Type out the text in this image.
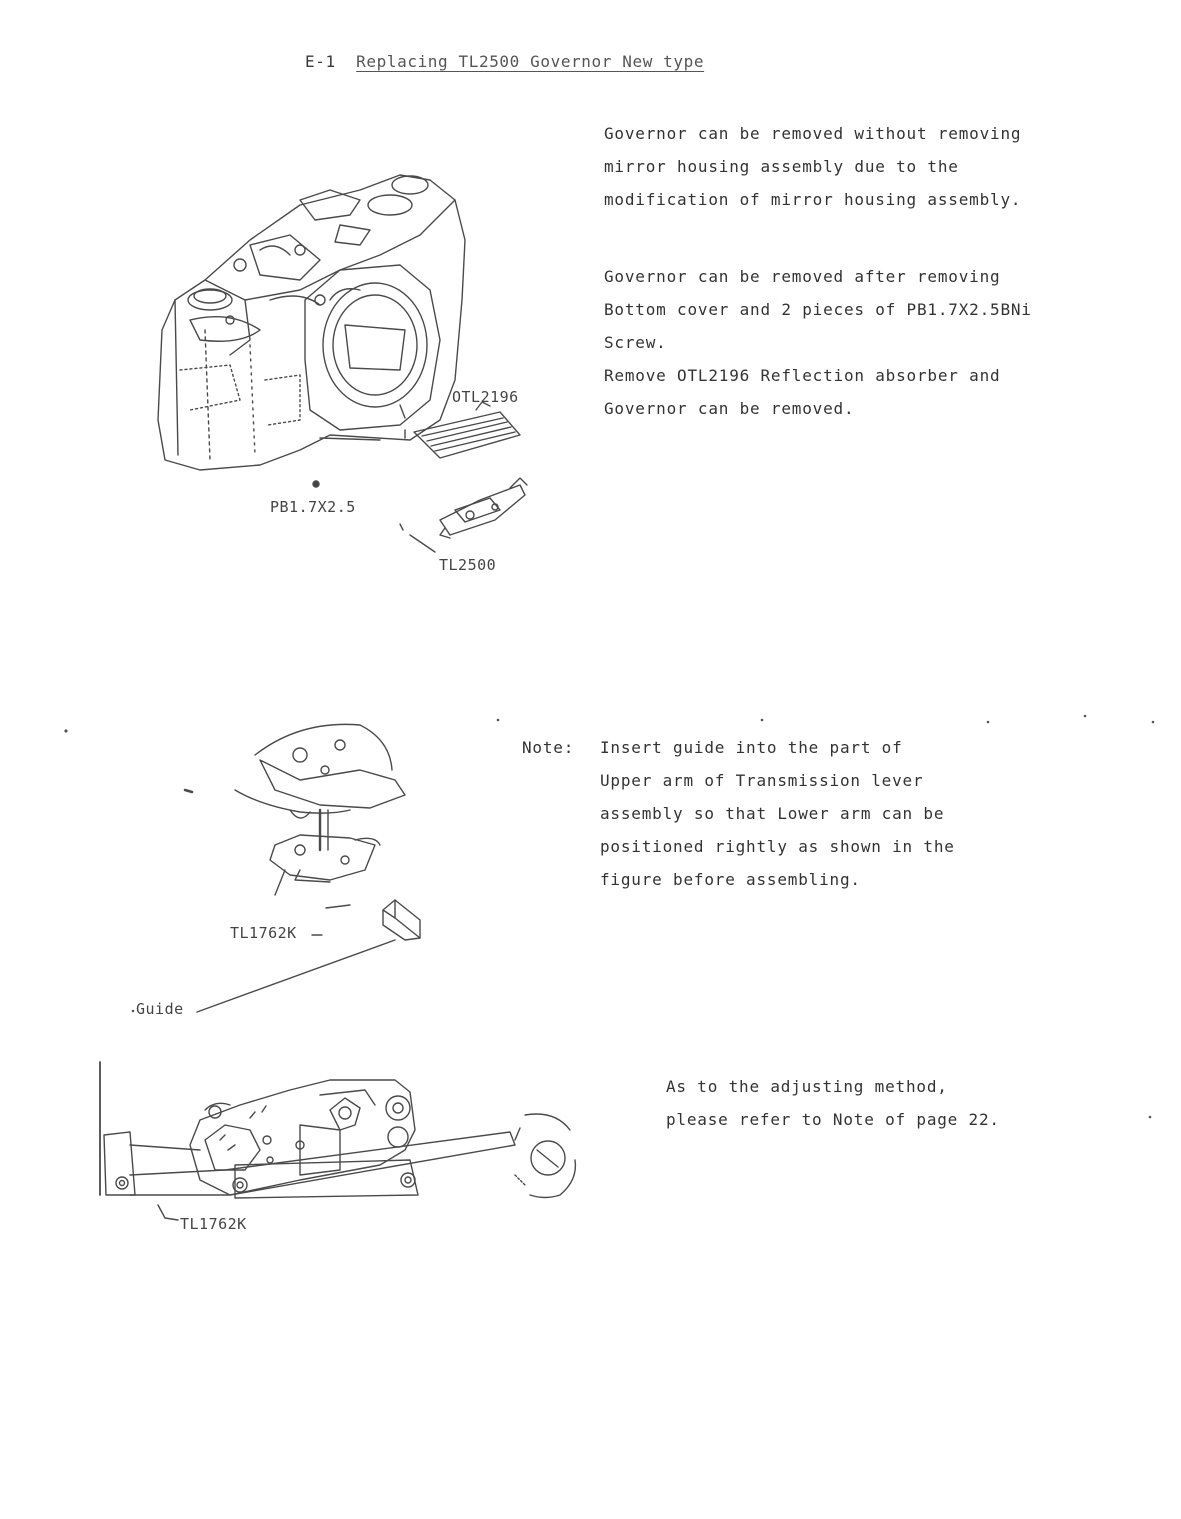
E-1 Replacing TL2500 Governor New type
Governor can be removed without removing
mirror housing assembly due to the
modification of mirror housing assembly.
Governor can be removed after removing
Bottom cover and 2 pieces of PB1.7X2.5BNi
Screw.
Remove OTL2196 Reflection absorber and
Governor can be removed.
Note: Insert guide into the part of
Upper arm of Transmission lever
assembly so that Lower arm can be
positioned rightly as shown in the
figure before assembling.
As to the adjusting method,
please refer to Note of page 22.
OTL2196
PB1.7X2.5
TL2500
TL1762K
Guide
TL1762K
